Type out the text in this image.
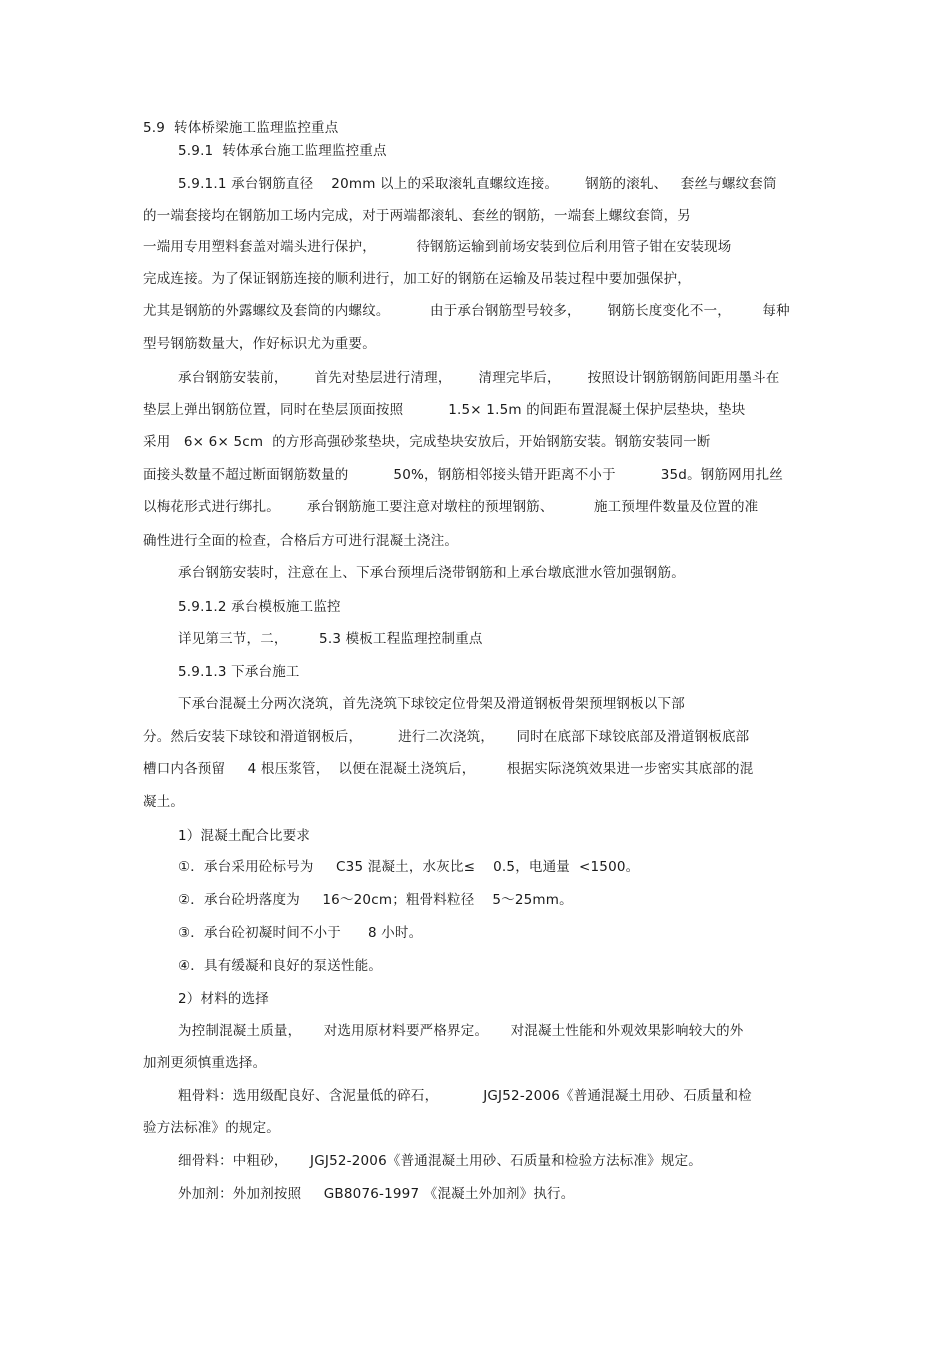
5.9  转体桥梁施工监理监控重点
5.9.1  转体承台施工监理监控重点
5.9.1.1 承台钢筋直径    20mm 以上的采取滚轧直螺纹连接。      钢筋的滚轧、   套丝与螺纹套筒
的一端套接均在钢筋加工场内完成，对于两端都滚轧、套丝的钢筋，一端套上螺纹套筒，另
一端用专用塑料套盖对端头进行保护，         待钢筋运输到前场安装到位后利用管子钳在安装现场
完成连接。为了保证钢筋连接的顺利进行，加工好的钢筋在运输及吊装过程中要加强保护，
尤其是钢筋的外露螺纹及套筒的内螺纹。         由于承台钢筋型号较多，      钢筋长度变化不一，       每种
型号钢筋数量大，作好标识尤为重要。
承台钢筋安装前，      首先对垫层进行清理，      清理完毕后，      按照设计钢筋钢筋间距用墨斗在
垫层上弹出钢筋位置，同时在垫层顶面按照          1.5× 1.5m 的间距布置混凝土保护层垫块，垫块
采用   6× 6× 5cm  的方形高强砂浆垫块，完成垫块安放后，开始钢筋安装。钢筋安装同一断
面接头数量不超过断面钢筋数量的          50%，钢筋相邻接头错开距离不小于          35d。钢筋网用扎丝
以梅花形式进行绑扎。      承台钢筋施工要注意对墩柱的预埋钢筋、         施工预埋件数量及位置的准
确性进行全面的检查，合格后方可进行混凝土浇注。
承台钢筋安装时，注意在上、下承台预埋后浇带钢筋和上承台墩底泄水管加强钢筋。
5.9.1.2 承台模板施工监控
详见第三节，二，       5.3 模板工程监理控制重点
5.9.1.3 下承台施工
下承台混凝土分两次浇筑，首先浇筑下球铰定位骨架及滑道钢板骨架预埋钢板以下部
分。然后安装下球铰和滑道钢板后，        进行二次浇筑，     同时在底部下球铰底部及滑道钢板底部
槽口内各预留     4 根压浆管，  以便在混凝土浇筑后，       根据实际浇筑效果进一步密实其底部的混
凝土。
1）混凝土配合比要求
①．承台采用砼标号为     C35 混凝土，水灰比≤    0.5，电通量  <1500。
②．承台砼坍落度为     16～20cm；粗骨料粒径    5～25mm。
③．承台砼初凝时间不小于      8 小时。
④．具有缓凝和良好的泵送性能。
2）材料的选择
为控制混凝土质量，     对选用原材料要严格界定。     对混凝土性能和外观效果影响较大的外
加剂更须慎重选择。
粗骨料：选用级配良好、含泥量低的碎石，          JGJ52-2006《普通混凝土用砂、石质量和检
验方法标准》的规定。
细骨料：中粗砂，     JGJ52-2006《普通混凝土用砂、石质量和检验方法标准》规定。
外加剂：外加剂按照     GB8076-1997 《混凝土外加剂》执行。
